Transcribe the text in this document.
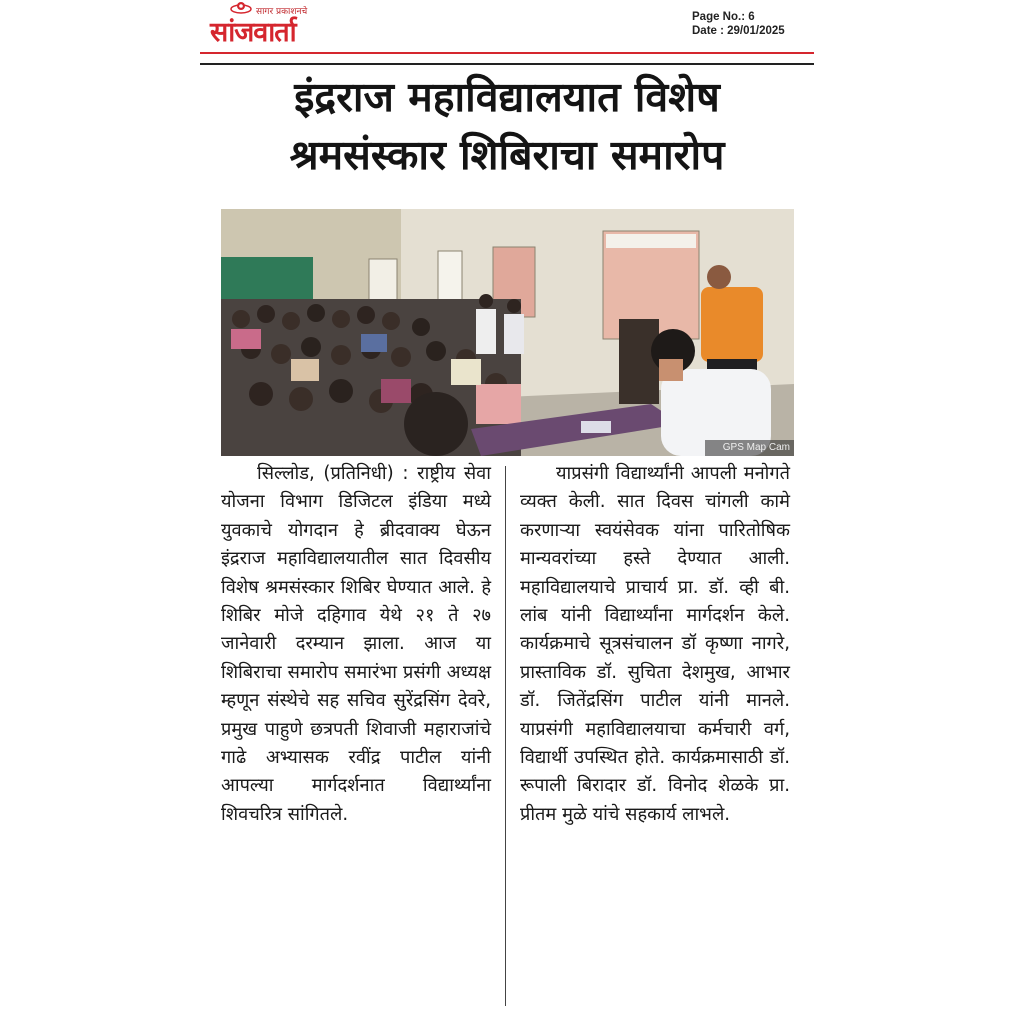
सागर प्रकाशनचे
सांजवार्ता	Page No.: 6
Date : 29/01/2025
इंद्रराज महाविद्यालयात विशेष
श्रमसंस्कार शिबिराचा समारोप
GPS Map Cam

सिल्लोड, (प्रतिनिधी) : राष्ट्रीय सेवा योजना विभाग डिजिटल इंडिया मध्ये युवकाचे योगदान हे ब्रीदवाक्य घेऊन इंद्रराज महाविद्यालयातील सात दिवसीय विशेष श्रमसंस्कार शिबिर घेण्यात आले. हे शिबिर मोजे दहिगाव येथे २१ ते २७ जानेवारी दरम्यान झाला. आज या शिबिराचा समारोप समारंभा प्रसंगी अध्यक्ष म्हणून संस्थेचे सह सचिव सुरेंद्रसिंग देवरे, प्रमुख पाहुणे छत्रपती शिवाजी महाराजांचे गाढे अभ्यासक रवींद्र पाटील यांनी आपल्या मार्गदर्शनात विद्यार्थ्यांना शिवचरित्र सांगितले.

याप्रसंगी विद्यार्थ्यांनी आपली मनोगते व्यक्त केली. सात दिवस चांगली कामे करणाऱ्या स्वयंसेवक यांना पारितोषिक मान्यवरांच्या हस्ते देण्यात आली. महाविद्यालयाचे प्राचार्य प्रा. डॉ. व्ही बी. लांब यांनी विद्यार्थ्यांना मार्गदर्शन केले. कार्यक्रमाचे सूत्रसंचालन डॉ कृष्णा नागरे, प्रास्ताविक डॉ. सुचिता देशमुख, आभार डॉ. जितेंद्रसिंग पाटील यांनी मानले. याप्रसंगी महाविद्यालयाचा कर्मचारी वर्ग, विद्यार्थी उपस्थित होते. कार्यक्रमासाठी डॉ. रूपाली बिरादार डॉ. विनोद शेळके प्रा. प्रीतम मुळे यांचे सहकार्य लाभले.
